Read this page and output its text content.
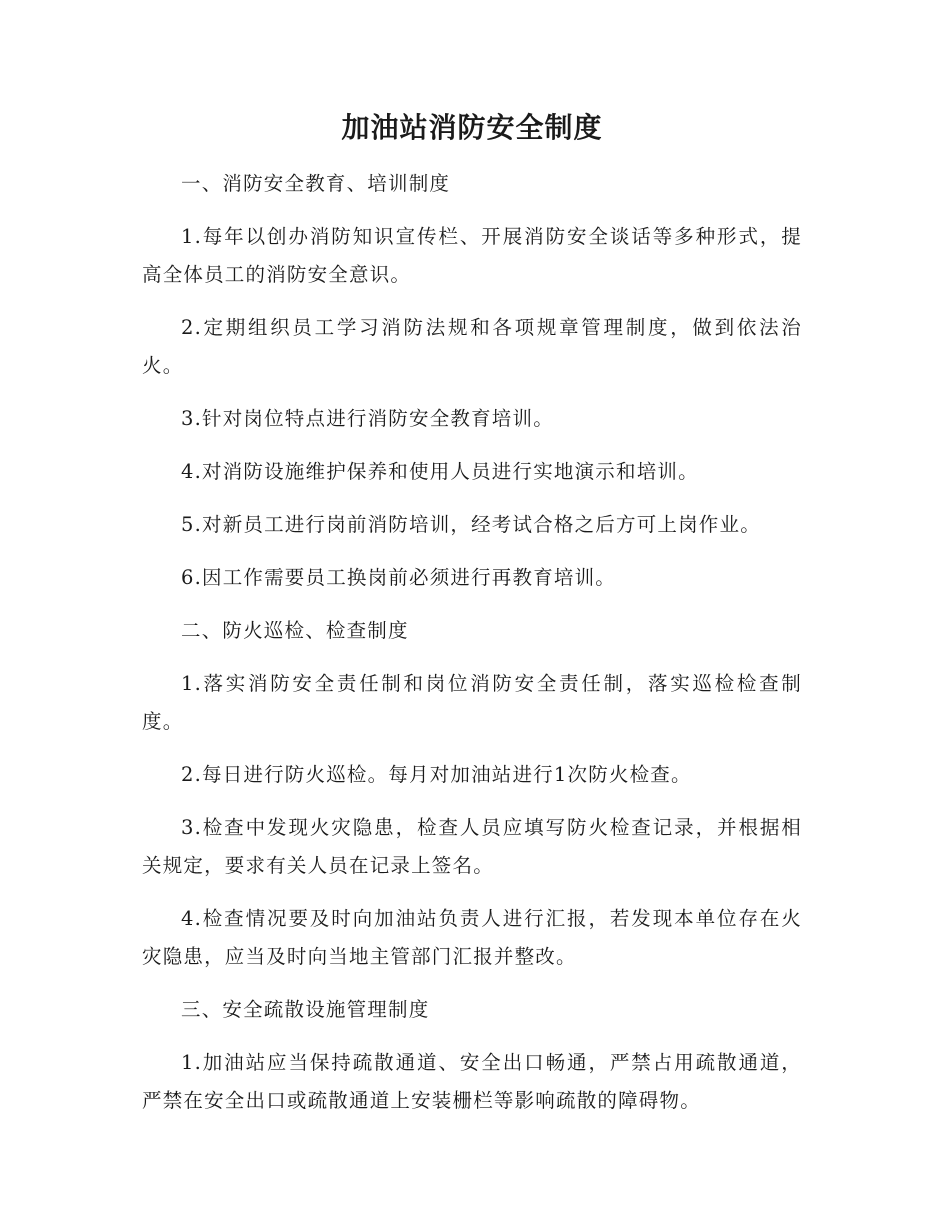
加油站消防安全制度

一、消防安全教育、培训制度

1.每年以创办消防知识宣传栏、开展消防安全谈话等多种形式，提高全体员工的消防安全意识。

2.定期组织员工学习消防法规和各项规章管理制度，做到依法治火。

3.针对岗位特点进行消防安全教育培训。

4.对消防设施维护保养和使用人员进行实地演示和培训。

5.对新员工进行岗前消防培训，经考试合格之后方可上岗作业。

6.因工作需要员工换岗前必须进行再教育培训。

二、防火巡检、检查制度

1.落实消防安全责任制和岗位消防安全责任制，落实巡检检查制度。

2.每日进行防火巡检。每月对加油站进行1次防火检查。

3.检查中发现火灾隐患，检查人员应填写防火检查记录，并根据相关规定，要求有关人员在记录上签名。

4.检查情况要及时向加油站负责人进行汇报，若发现本单位存在火灾隐患，应当及时向当地主管部门汇报并整改。

三、安全疏散设施管理制度

1.加油站应当保持疏散通道、安全出口畅通，严禁占用疏散通道，严禁在安全出口或疏散通道上安装栅栏等影响疏散的障碍物。
